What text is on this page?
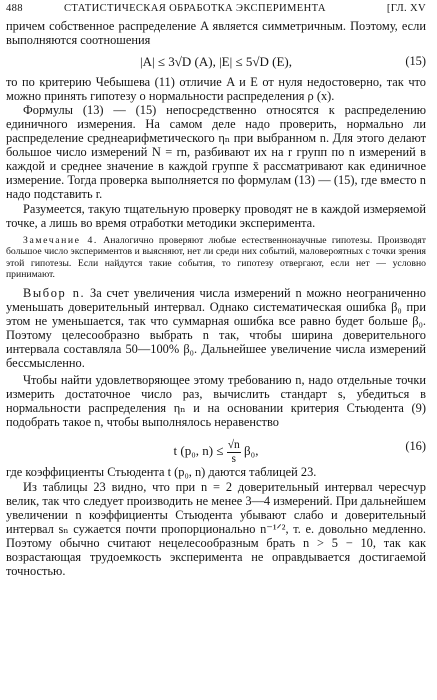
488	СТАТИСТИЧЕСКАЯ ОБРАБОТКА ЭКСПЕРИМЕНТА	[ГЛ. XV

причем собственное распределение A является симметричным. Поэтому, если выполняются соотношения

|A| ≤ 3√D (A), |E| ≤ 5√D (E),	(15)

то по критерию Чебышева (11) отличие A и E от нуля недостоверно, так что можно принять гипотезу о нормальности распределения ρ (x).

Формулы (13) — (15) непосредственно относятся к распределению единичного измерения. На самом деле надо проверить, нормально ли распределение среднеарифметического ηₙ при выбранном n. Для этого делают большое число измерений N = rn, разбивают их на r групп по n измерений в каждой и среднее значение в каждой группе x̄ рассматривают как единичное измерение. Тогда проверка выполняется по формулам (13) — (15), где вместо n надо подставить r.

Разумеется, такую тщательную проверку проводят не в каждой измеряемой точке, а лишь во время отработки методики эксперимента.

Замечание 4. Аналогично проверяют любые естественнонаучные гипотезы. Производят большое число экспериментов и выясняют, нет ли среди них событий, маловероятных с точки зрения этой гипотезы. Если найдутся такие события, то гипотезу отвергают, если нет — условно принимают.

Выбор n. За счет увеличения числа измерений n можно неограниченно уменьшать доверительный интервал. Однако систематическая ошибка β₀ при этом не уменьшается, так что суммарная ошибка все равно будет больше β₀. Поэтому целесообразно выбрать n так, чтобы ширина доверительного интервала составляла 50—100% β₀. Дальнейшее увеличение числа измерений бессмысленно.

Чтобы найти удовлетворяющее этому требованию n, надо отдельные точки измерить достаточное число раз, вычислить стандарт s, убедиться в нормальности распределения ηₙ и на основании критерия Стьюдента (9) подобрать такое n, чтобы выполнялось неравенство

t (p₀, $n) \le \frac{√n}{s} \beta_0$,	(16)

где коэффициенты Стьюдента t (p₀, n) даются таблицей 23.

Из таблицы 23 видно, что при n = 2 доверительный интервал чересчур велик, так что следует производить не менее 3—4 измерений. При дальнейшем увеличении n коэффициенты Стьюдента убывают слабо и доверительный интервал sₙ сужается почти пропорционально n⁻¹ᐟ², т. е. довольно медленно. Поэтому обычно считают нецелесообразным брать n > 5 − 10, так как возрастающая трудоемкость эксперимента не оправдывается достигаемой точностью.
